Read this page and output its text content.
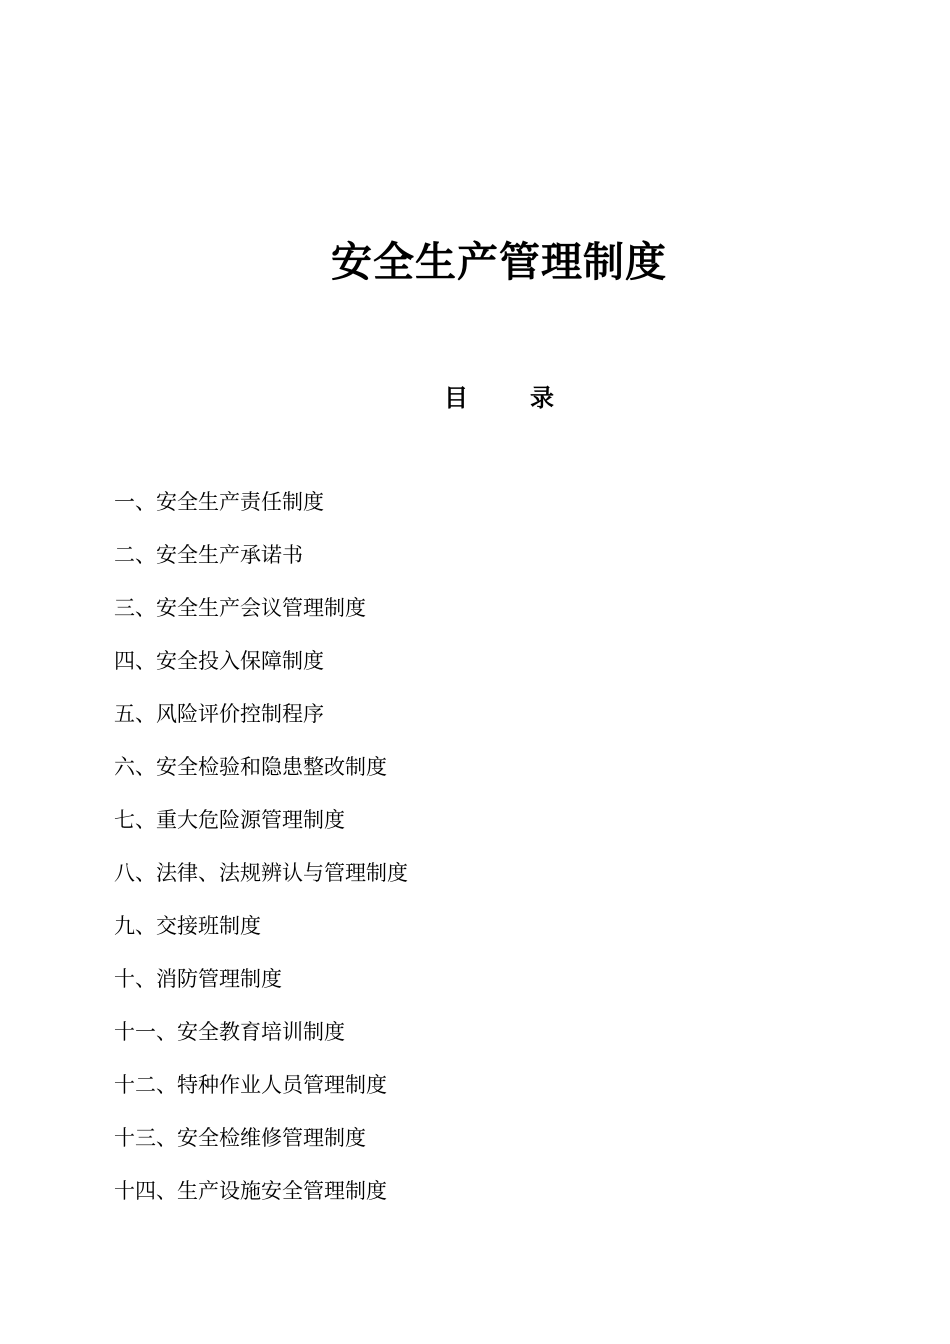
安全生产管理制度
目	录
一、安全生产责任制度
二、安全生产承诺书
三、安全生产会议管理制度
四、安全投入保障制度
五、风险评价控制程序
六、安全检验和隐患整改制度
七、重大危险源管理制度
八、法律、法规辨认与管理制度
九、交接班制度
十、消防管理制度
十一、安全教育培训制度
十二、特种作业人员管理制度
十三、安全检维修管理制度
十四、生产设施安全管理制度
